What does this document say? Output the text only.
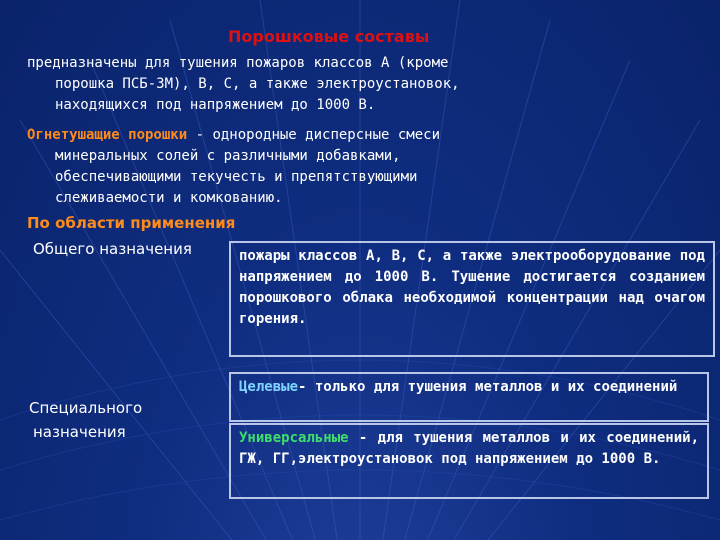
Порошковые составы
предназначены для тушения пожаров классов А (кроме
порошка ПСБ-3М), В, С, а также электроустановок,
находящихся под напряжением до 1000 В.
Огнетушащие порошки - однородные дисперсные смеси
минеральных солей с различными добавками,
обеспечивающими текучесть и препятствующими
слеживаемости и комкованию.
По области применения
Общего назначения	пожары классов А, В, С, а также электрооборудование под напряжением до 1000 В. Тушение достигается созданием порошкового облака необходимой концентрации над очагом горения.
Специального
назначения
Целевые- только для тушения металлов и их соединений
Универсальные - для тушения металлов и их соединений, ГЖ, ГГ,электроустановок под напряжением до 1000 В.
